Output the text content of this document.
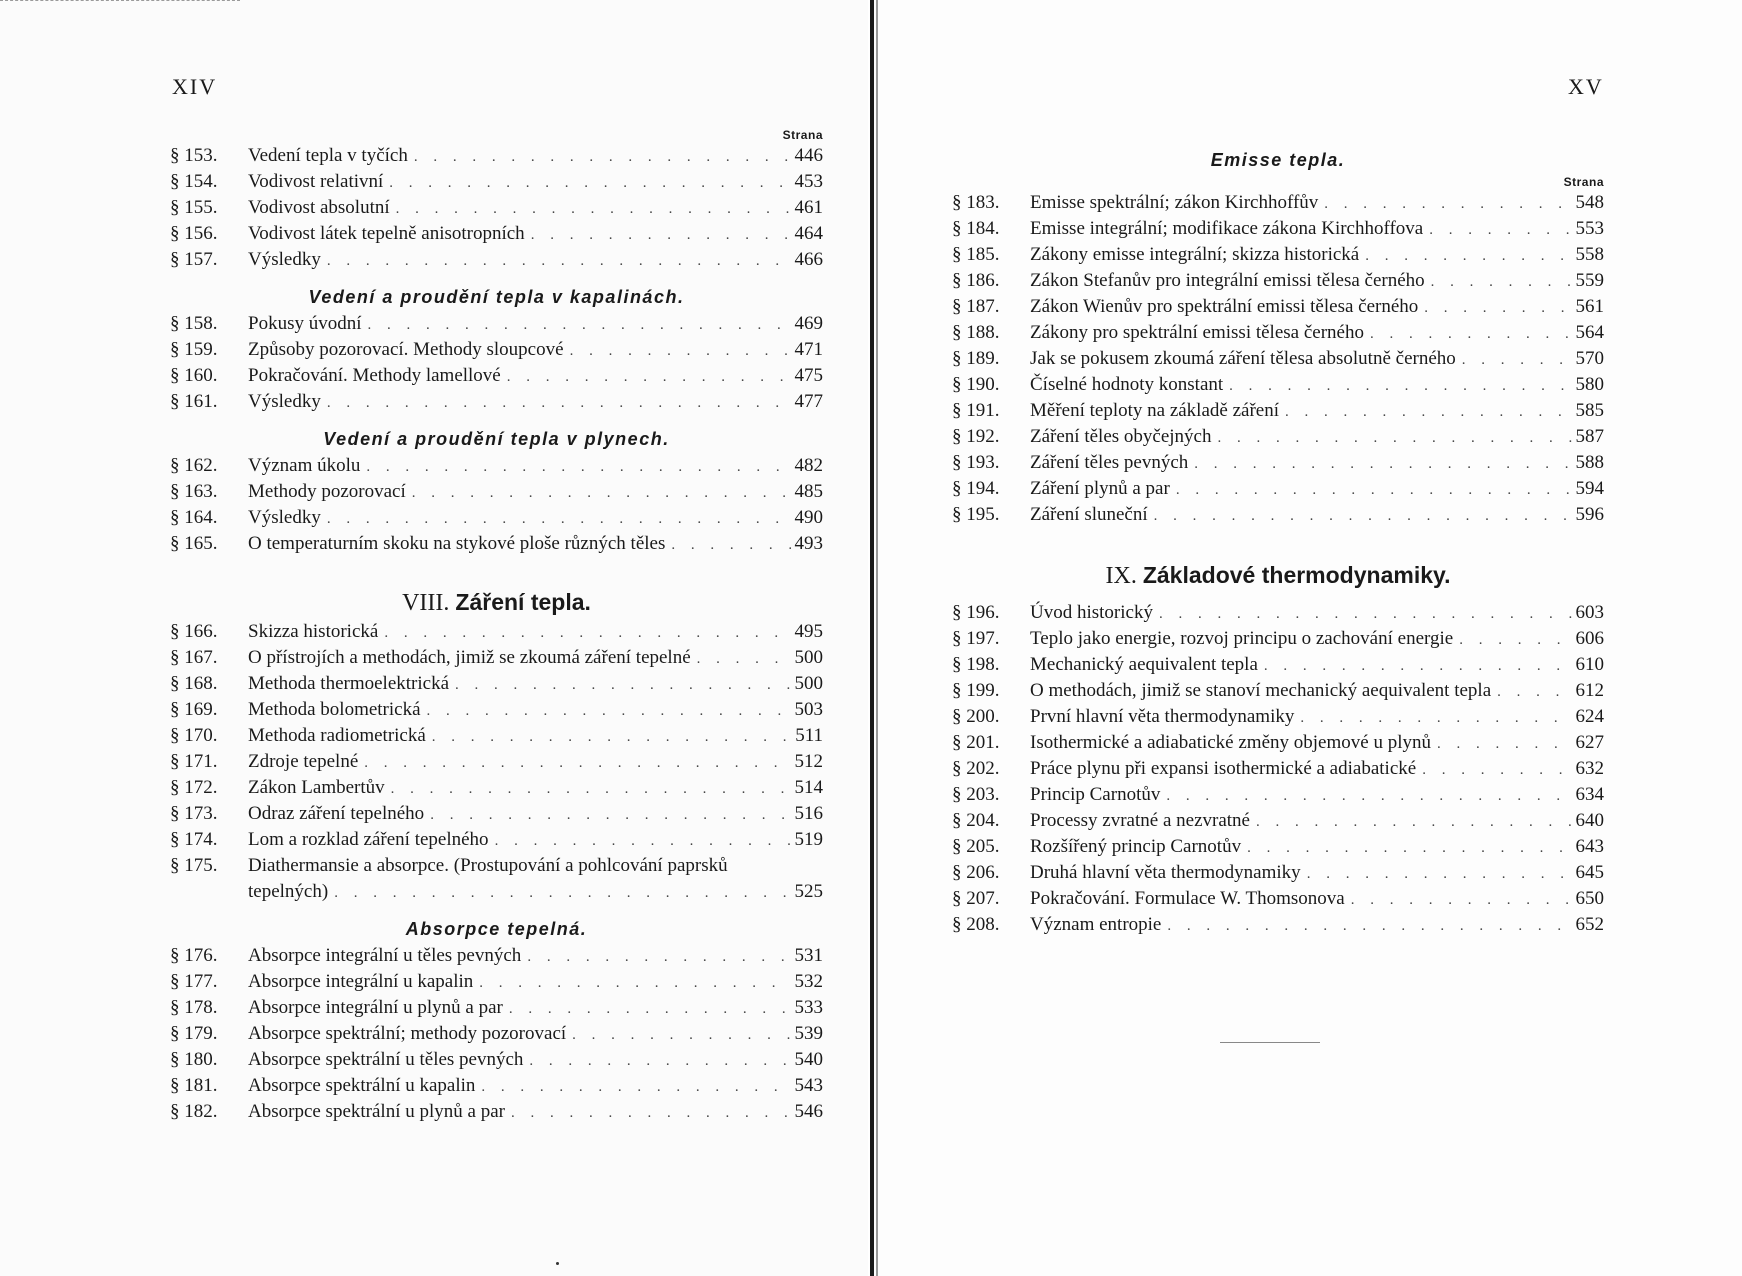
XIV
Strana
§ 153.	Vedení tepla v tyčích . . .	446
§ 154.	Vodivost relativní . . .	453
§ 155.	Vodivost absolutní . . .	461
§ 156.	Vodivost látek tepelně anisotropních . . .	464
§ 157.	Výsledky . . .	466
Vedení a proudění tepla v kapalinách.
§ 158.	Pokusy úvodní . . .	469
§ 159.	Způsoby pozorovací. Methody sloupcové . . .	471
§ 160.	Pokračování. Methody lamellové . . .	475
§ 161.	Výsledky . . .	477
Vedení a proudění tepla v plynech.
§ 162.	Význam úkolu . . .	482
§ 163.	Methody pozorovací . . .	485
§ 164.	Výsledky . . .	490
§ 165.	O temperaturním skoku na stykové ploše různých těles . . .	493
VIII. Záření tepla.
§ 166.	Skizza historická . . .	495
§ 167.	O přístrojích a methodách, jimiž se zkoumá záření tepelné . . .	500
§ 168.	Methoda thermoelektrická . . .	500
§ 169.	Methoda bolometrická . . .	503
§ 170.	Methoda radiometrická . . .	511
§ 171.	Zdroje tepelné . . .	512
§ 172.	Zákon Lambertův . . .	514
§ 173.	Odraz záření tepelného . . .	516
§ 174.	Lom a rozklad záření tepelného . . .	519
§ 175.	Diathermansie a absorpce. (Prostupování a pohlcování paprsků
tepelných) . . .	525
Absorpce tepelná.
§ 176.	Absorpce integrální u těles pevných . . .	531
§ 177.	Absorpce integrální u kapalin . . .	532
§ 178.	Absorpce integrální u plynů a par . . .	533
§ 179.	Absorpce spektrální; methody pozorovací . . .	539
§ 180.	Absorpce spektrální u těles pevných . . .	540
§ 181.	Absorpce spektrální u kapalin . . .	543
§ 182.	Absorpce spektrální u plynů a par . . .	546
XV
Emisse tepla.
Strana
§ 183.	Emisse spektrální; zákon Kirchhoffův . . .	548
§ 184.	Emisse integrální; modifikace zákona Kirchhoffova . . .	553
§ 185.	Zákony emisse integrální; skizza historická . . .	558
§ 186.	Zákon Stefanův pro integrální emissi tělesa černého . . .	559
§ 187.	Zákon Wienův pro spektrální emissi tělesa černého . . .	561
§ 188.	Zákony pro spektrální emissi tělesa černého . . .	564
§ 189.	Jak se pokusem zkoumá záření tělesa absolutně černého . . .	570
§ 190.	Číselné hodnoty konstant . . .	580
§ 191.	Měření teploty na základě záření . . .	585
§ 192.	Záření těles obyčejných . . .	587
§ 193.	Záření těles pevných . . .	588
§ 194.	Záření plynů a par . . .	594
§ 195.	Záření sluneční . . .	596
IX. Základové thermodynamiky.
§ 196.	Úvod historický . . .	603
§ 197.	Teplo jako energie, rozvoj principu o zachování energie . . .	606
§ 198.	Mechanický aequivalent tepla . . .	610
§ 199.	O methodách, jimiž se stanoví mechanický aequivalent tepla . . .	612
§ 200.	První hlavní věta thermodynamiky . . .	624
§ 201.	Isothermické a adiabatické změny objemové u plynů . . .	627
§ 202.	Práce plynu při expansi isothermické a adiabatické . . .	632
§ 203.	Princip Carnotův . . .	634
§ 204.	Processy zvratné a nezvratné . . .	640
§ 205.	Rozšířený princip Carnotův . . .	643
§ 206.	Druhá hlavní věta thermodynamiky . . .	645
§ 207.	Pokračování. Formulace W. Thomsonova . . .	650
§ 208.	Význam entropie . . .	652
